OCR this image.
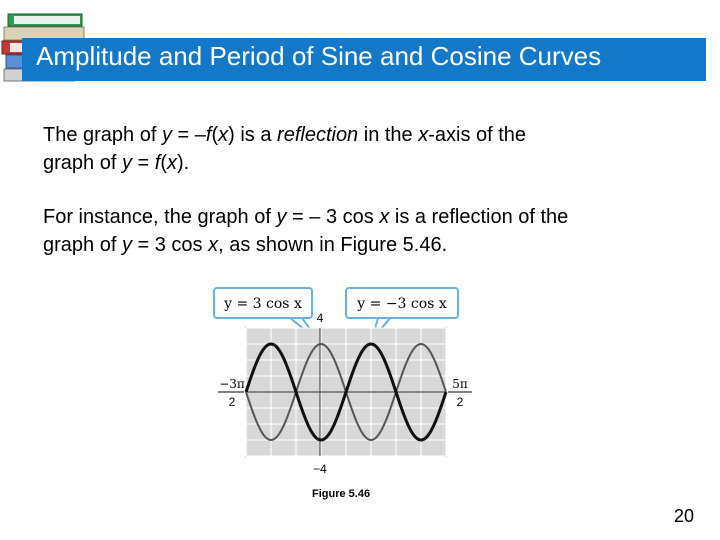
Amplitude and Period of Sine and Cosine Curves
The graph of y = –f(x) is a reflection in the x-axis of the
graph of y = f(x).
For instance, the graph of y = – 3 cos x is a reflection of the
graph of y = 3 cos x, as shown in Figure 5.46.
y = 3 cos x	y = −3 cos x
4
−4
−3π
2
5π
2
Figure 5.46
20
